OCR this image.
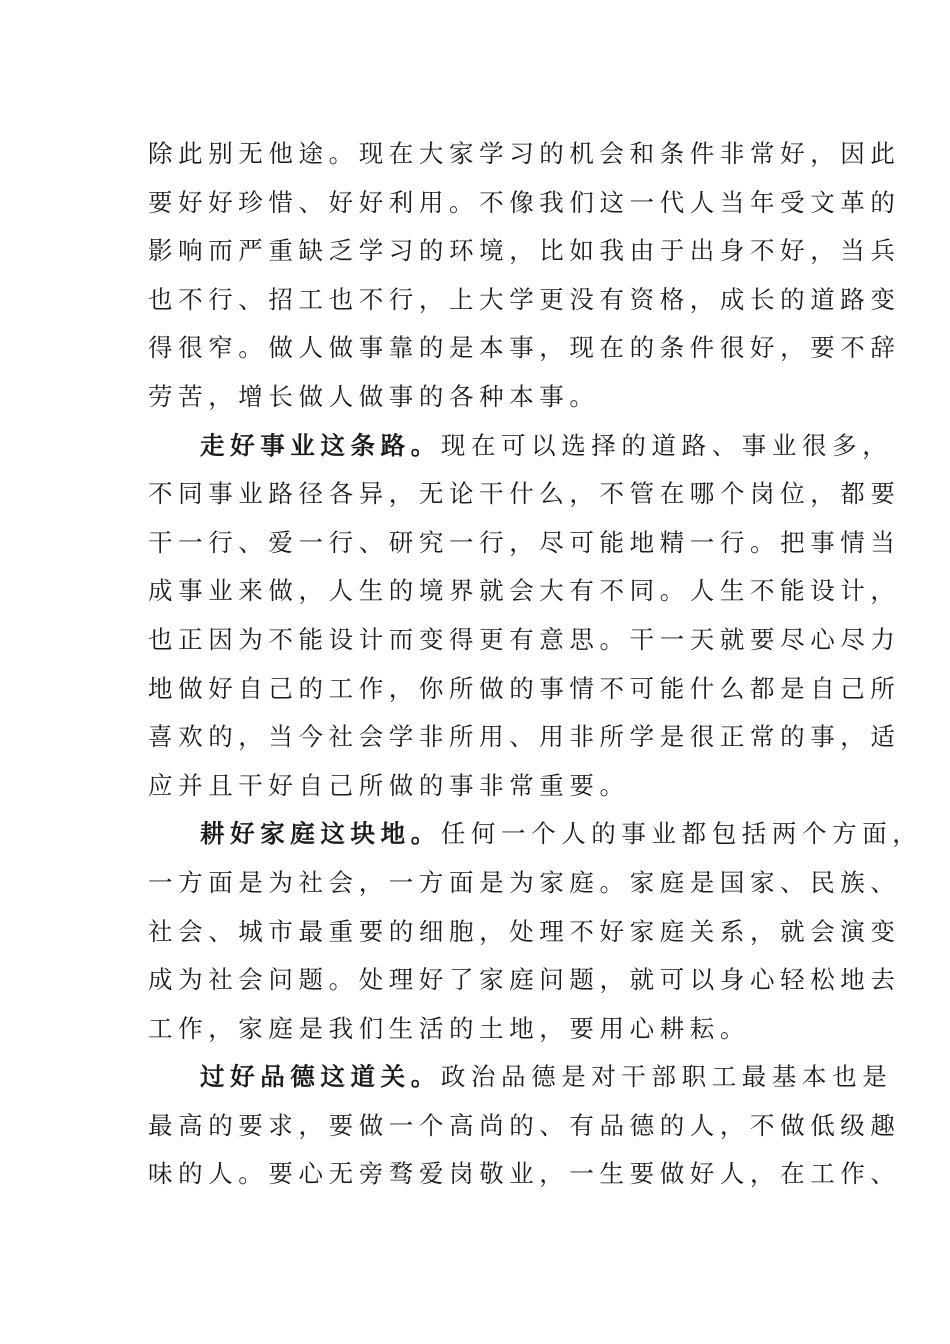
除此别无他途。现在大家学习的机会和条件非常好，因此
要好好珍惜、好好利用。不像我们这一代人当年受文革的
影响而严重缺乏学习的环境，比如我由于出身不好，当兵
也不行、招工也不行，上大学更没有资格，成长的道路变
得很窄。做人做事靠的是本事，现在的条件很好，要不辞
劳苦，增长做人做事的各种本事。
走好事业这条路。现在可以选择的道路、事业很多，
不同事业路径各异，无论干什么，不管在哪个岗位，都要
干一行、爱一行、研究一行，尽可能地精一行。把事情当
成事业来做，人生的境界就会大有不同。人生不能设计，
也正因为不能设计而变得更有意思。干一天就要尽心尽力
地做好自己的工作，你所做的事情不可能什么都是自己所
喜欢的，当今社会学非所用、用非所学是很正常的事，适
应并且干好自己所做的事非常重要。
耕好家庭这块地。任何一个人的事业都包括两个方面，
一方面是为社会，一方面是为家庭。家庭是国家、民族、
社会、城市最重要的细胞，处理不好家庭关系，就会演变
成为社会问题。处理好了家庭问题，就可以身心轻松地去
工作，家庭是我们生活的土地，要用心耕耘。
过好品德这道关。政治品德是对干部职工最基本也是
最高的要求，要做一个高尚的、有品德的人，不做低级趣
味的人。要心无旁骛爱岗敬业，一生要做好人，在工作、
